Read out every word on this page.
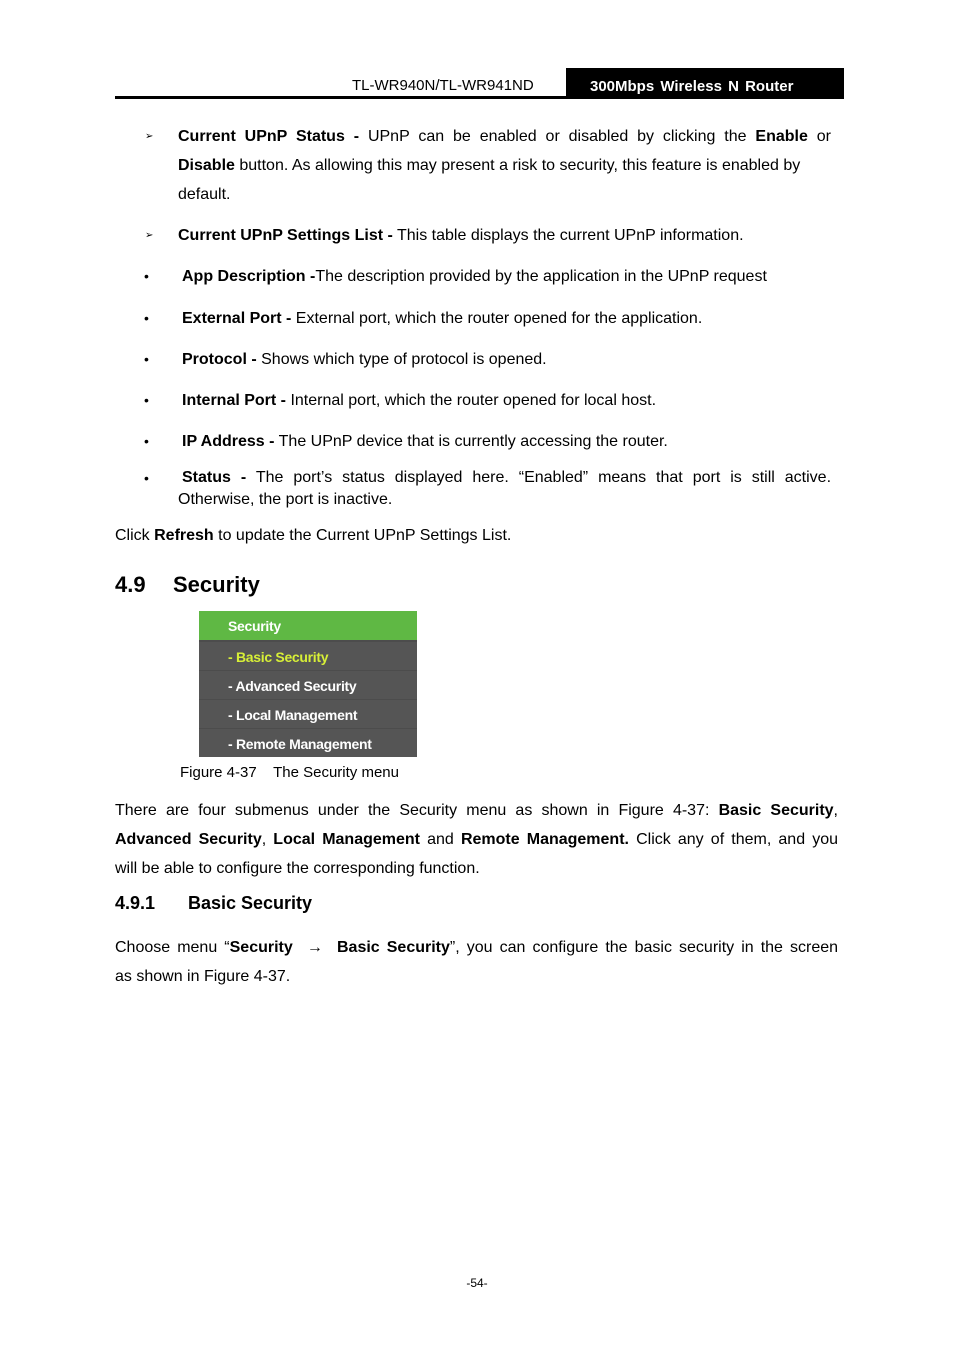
TL-WR940N/TL-WR941ND	300Mbps Wireless N Router
➢ Current UPnP Status - UPnP can be enabled or disabled by clicking the Enable or
Disable button. As allowing this may present a risk to security, this feature is enabled by
default.
➢ Current UPnP Settings List - This table displays the current UPnP information.
• App Description -The description provided by the application in the UPnP request
• External Port - External port, which the router opened for the application.
• Protocol - Shows which type of protocol is opened.
• Internal Port - Internal port, which the router opened for local host.
• IP Address - The UPnP device that is currently accessing the router.
• Status - The port’s status displayed here. “Enabled” means that port is still active.
Otherwise, the port is inactive.
Click Refresh to update the Current UPnP Settings List.
4.9 Security
Security
- Basic Security
- Advanced Security
- Local Management
- Remote Management
Figure 4-37    The Security menu
There are four submenus under the Security menu as shown in Figure 4-37: Basic Security,
Advanced Security, Local Management and Remote Management. Click any of them, and you
will be able to configure the corresponding function.
4.9.1 Basic Security
Choose menu “Security  →  Basic Security”, you can configure the basic security in the screen
as shown in Figure 4-37.
-54-
